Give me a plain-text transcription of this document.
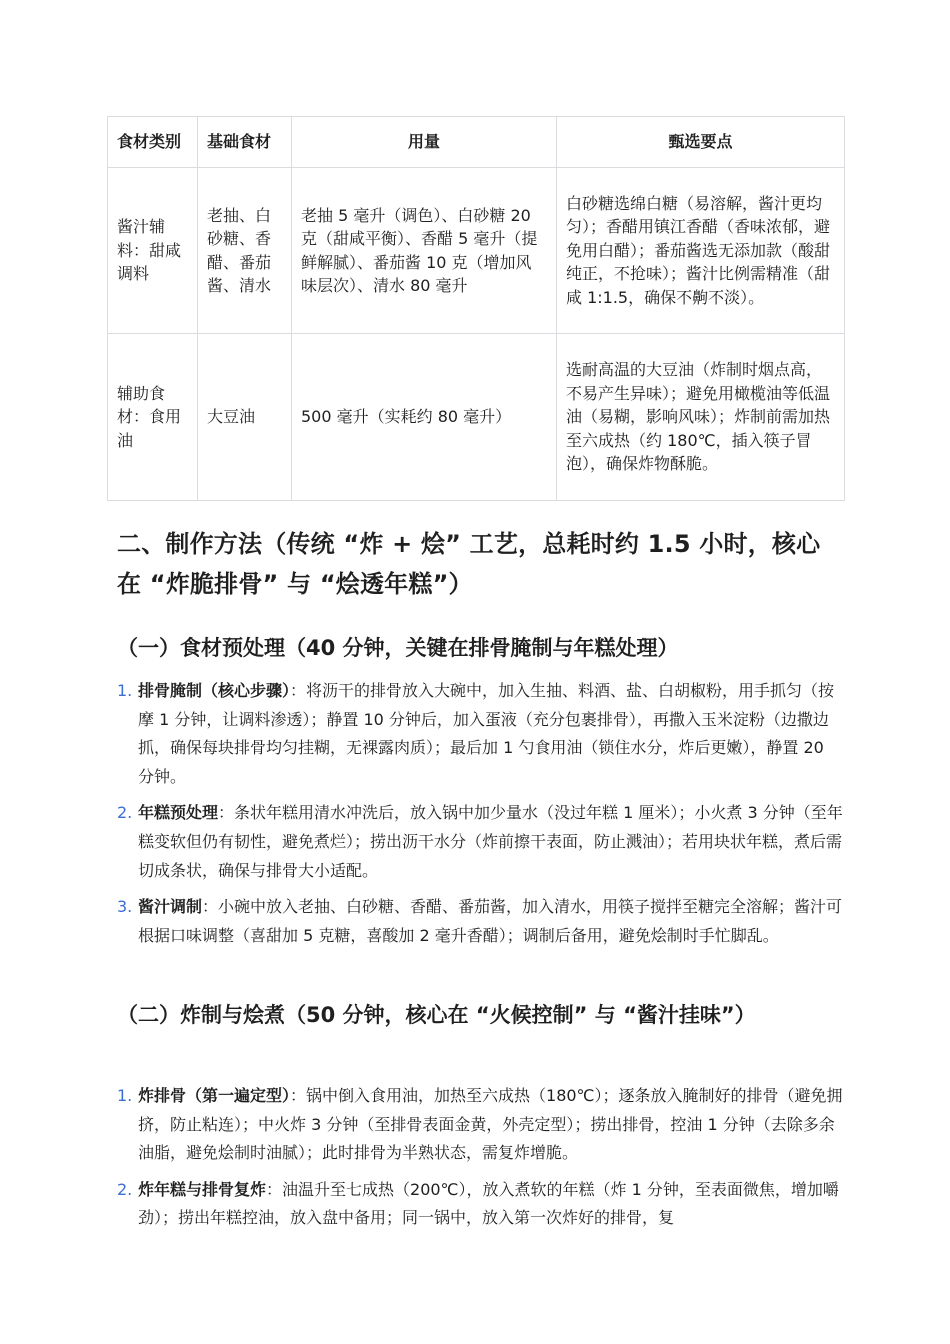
食材类别	基础食材	用量	甄选要点
酱汁辅料：甜咸调料	老抽、白砂糖、香醋、番茄酱、清水	老抽 5 毫升（调色）、白砂糖 20 克（甜咸平衡）、香醋 5 毫升（提鲜解腻）、番茄酱 10 克（增加风味层次）、清水 80 毫升	白砂糖选绵白糖（易溶解，酱汁更均匀）；香醋用镇江香醋（香味浓郁，避免用白醋）；番茄酱选无添加款（酸甜纯正，不抢味）；酱汁比例需精准（甜咸 1:1.5，确保不齁不淡）。
辅助食材：食用油	大豆油	500 毫升（实耗约 80 毫升）	选耐高温的大豆油（炸制时烟点高，不易产生异味）；避免用橄榄油等低温油（易糊，影响风味）；炸制前需加热至六成热（约 180℃，插入筷子冒泡），确保炸物酥脆。
二、制作方法（传统 “炸 + 烩” 工艺，总耗时约 1.5 小时，核心在 “炸脆排骨” 与 “烩透年糕”）
（一）食材预处理（40 分钟，关键在排骨腌制与年糕处理）
1. 排骨腌制（核心步骤）：将沥干的排骨放入大碗中，加入生抽、料酒、盐、白胡椒粉，用手抓匀（按摩 1 分钟，让调料渗透）；静置 10 分钟后，加入蛋液（充分包裹排骨），再撒入玉米淀粉（边撒边抓，确保每块排骨均匀挂糊，无裸露肉质）；最后加 1 勺食用油（锁住水分，炸后更嫩），静置 20 分钟。
2. 年糕预处理：条状年糕用清水冲洗后，放入锅中加少量水（没过年糕 1 厘米）；小火煮 3 分钟（至年糕变软但仍有韧性，避免煮烂）；捞出沥干水分（炸前擦干表面，防止溅油）；若用块状年糕，煮后需切成条状，确保与排骨大小适配。
3. 酱汁调制：小碗中放入老抽、白砂糖、香醋、番茄酱，加入清水，用筷子搅拌至糖完全溶解；酱汁可根据口味调整（喜甜加 5 克糖，喜酸加 2 毫升香醋）；调制后备用，避免烩制时手忙脚乱。
（二）炸制与烩煮（50 分钟，核心在 “火候控制” 与 “酱汁挂味”）
1. 炸排骨（第一遍定型）：锅中倒入食用油，加热至六成热（180℃）；逐条放入腌制好的排骨（避免拥挤，防止粘连）；中火炸 3 分钟（至排骨表面金黄，外壳定型）；捞出排骨，控油 1 分钟（去除多余油脂，避免烩制时油腻）；此时排骨为半熟状态，需复炸增脆。
2. 炸年糕与排骨复炸：油温升至七成热（200℃），放入煮软的年糕（炸 1 分钟，至表面微焦，增加嚼劲）；捞出年糕控油，放入盘中备用；同一锅中，放入第一次炸好的排骨，复
